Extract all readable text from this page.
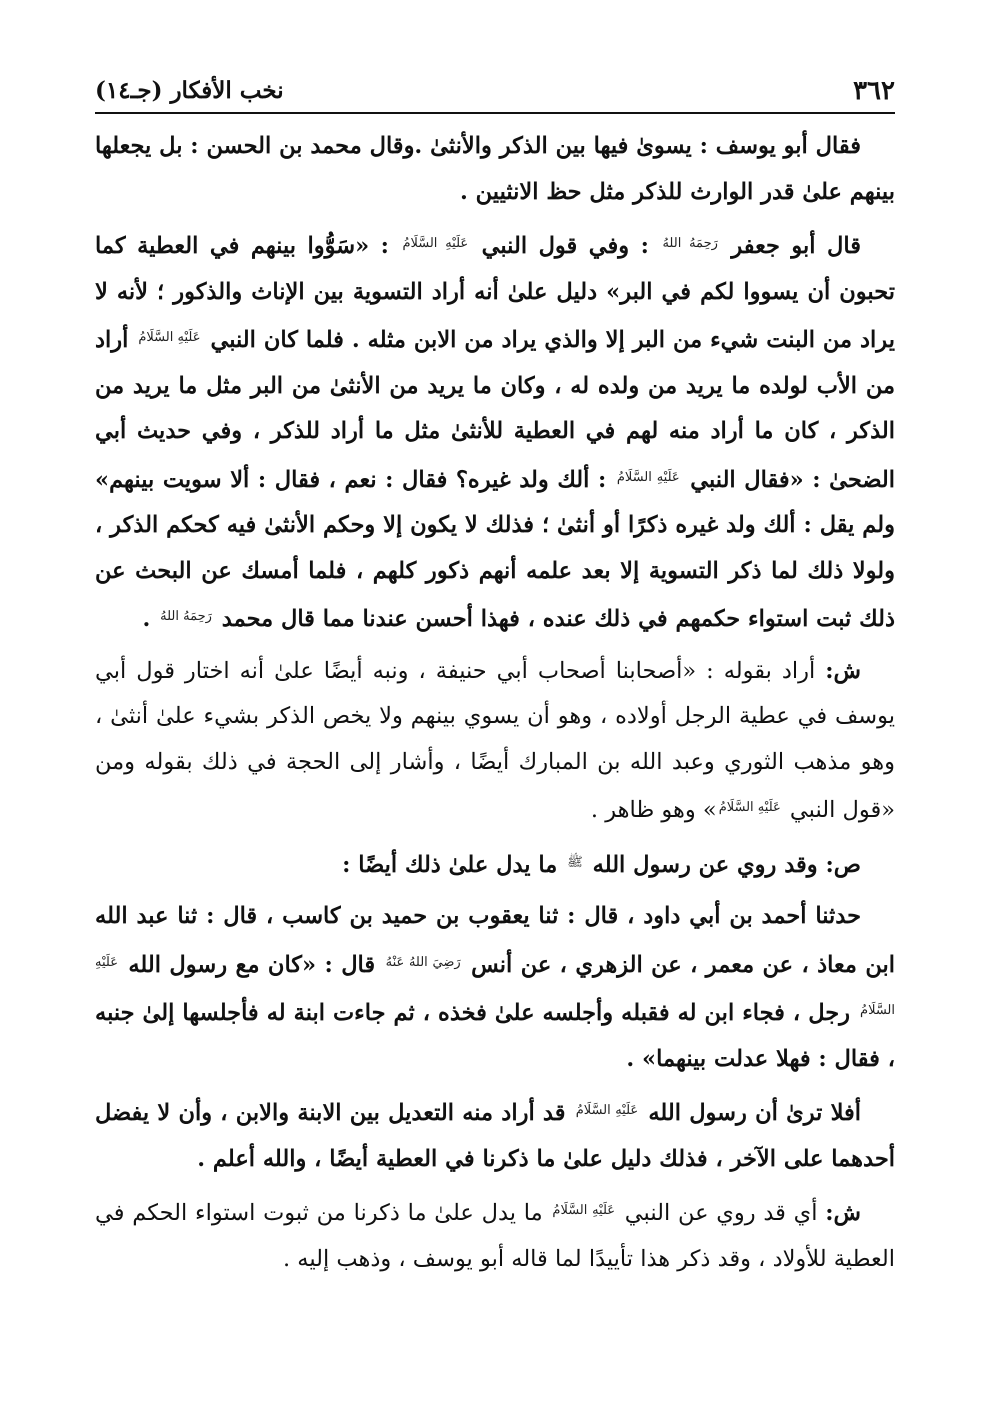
٣٦٢
نخب الأفكار (جـ١٤)

فقال أبو يوسف : يسوىٰ فيها بين الذكر والأنثىٰ .وقال محمد بن الحسن : بل يجعلها بينهم علىٰ قدر الوارث للذكر مثل حظ الانثيين .

قال أبو جعفر $^{رَحِمَهُ اللهُ}$ : وفي قول النبي $^{عَلَيْهِ السَّلَامُ}$ : «سَوُّوا بينهم في العطية كما تحبون أن يسووا لكم في البر» دليل علىٰ أنه أراد التسوية بين الإناث والذكور ؛ لأنه لا يراد من البنت شيء من البر إلا والذي يراد من الابن مثله . فلما كان النبي $^{عَلَيْهِ السَّلَامُ}$ أراد من الأب لولده ما يريد من ولده له ، وكان ما يريد من الأنثىٰ من البر مثل ما يريد من الذكر ، كان ما أراد منه لهم في العطية للأنثىٰ مثل ما أراد للذكر ، وفي حديث أبي الضحىٰ : «فقال النبي $^{عَلَيْهِ السَّلَامُ}$ : ألك ولد غيره؟ فقال : نعم ، فقال : ألا سويت بينهم» ولم يقل : ألك ولد غيره ذكرًا أو أنثىٰ ؛ فذلك لا يكون إلا وحكم الأنثىٰ فيه كحكم الذكر ، ولولا ذلك لما ذكر التسوية إلا بعد علمه أنهم ذكور كلهم ، فلما أمسك عن البحث عن ذلك ثبت استواء حكمهم في ذلك عنده ، فهذا أحسن عندنا مما قال محمد $^{رَحِمَهُ اللهُ}$ .

ش: أراد بقوله : «أصحابنا أصحاب أبي حنيفة ، ونبه أيضًا علىٰ أنه اختار قول أبي يوسف في عطية الرجل أولاده ، وهو أن يسوي بينهم ولا يخص الذكر بشيء علىٰ أنثىٰ ، وهو مذهب الثوري وعبد الله بن المبارك أيضًا ، وأشار إلى الحجة في ذلك بقوله ومن «قول النبي $^{عَلَيْهِ السَّلَامُ}$» وهو ظاهر .

ص: وقد روي عن رسول الله $^ﷺ$ ما يدل علىٰ ذلك أيضًا :

حدثنا أحمد بن أبي داود ، قال : ثنا يعقوب بن حميد بن كاسب ، قال : ثنا عبد الله ابن معاذ ، عن معمر ، عن الزهري ، عن أنس $^{رَضِيَ اللهُ عَنْهُ}$ قال : «كان مع رسول الله $^{عَلَيْهِ السَّلَامُ}$ رجل ، فجاء ابن له فقبله وأجلسه علىٰ فخذه ، ثم جاءت ابنة له فأجلسها إلىٰ جنبه ، فقال : فهلا عدلت بينهما» .

أفلا ترىٰ أن رسول الله $^{عَلَيْهِ السَّلَامُ}$ قد أراد منه التعديل بين الابنة والابن ، وأن لا يفضل أحدهما على الآخر ، فذلك دليل علىٰ ما ذكرنا في العطية أيضًا ، والله أعلم .

ش: أي قد روي عن النبي $^{عَلَيْهِ السَّلَامُ}$ ما يدل علىٰ ما ذكرنا من ثبوت استواء الحكم في العطية للأولاد ، وقد ذكر هذا تأييدًا لما قاله أبو يوسف ، وذهب إليه .
